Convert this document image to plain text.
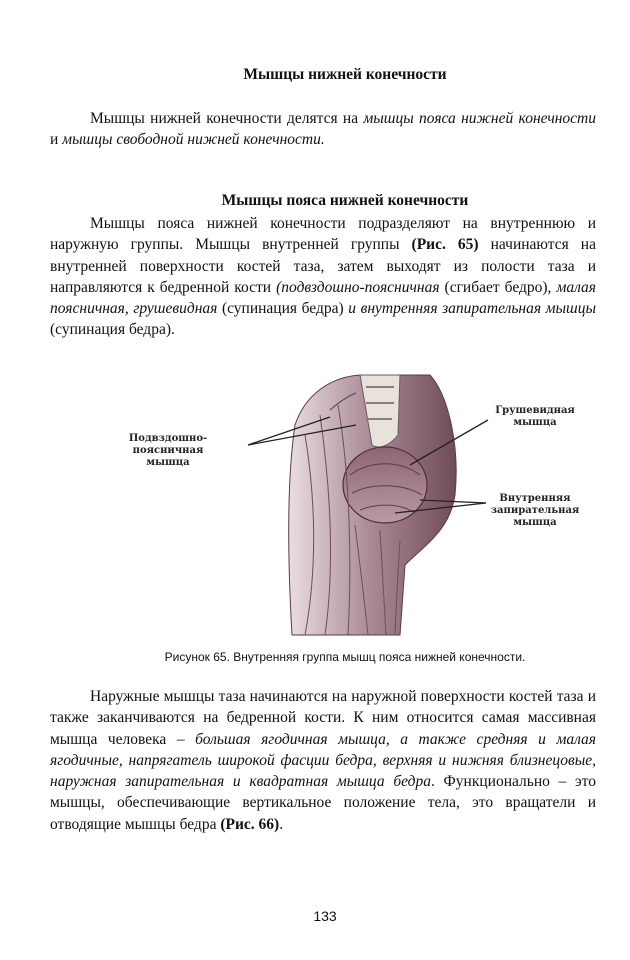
Мышцы нижней конечности
Мышцы нижней конечности делятся на мышцы пояса нижней конечности и мышцы свободной нижней конечности.
Мышцы пояса нижней конечности
Мышцы пояса нижней конечности подразделяют на внутреннюю и наружную группы. Мышцы внутренней группы (Рис. 65) начинаются на внутренней поверхности костей таза, затем выходят из полости таза и направляются к бедренной кости (подвздошно-поясничная (сгибает бедро), малая поясничная, грушевидная (супинация бедра) и внутренняя запирательная мышцы (супинация бедра).
Подвздошно-поясничная
мышца
Грушевидная
мышца
Внутренняя
запирательная
мышца
Рисунок 65. Внутренняя группа мышц пояса нижней конечности.
Наружные мышцы таза начинаются на наружной поверхности костей таза и также заканчиваются на бедренной кости. К ним относится самая массивная мышца человека – большая ягодичная мышца, а также средняя и малая ягодичные, напрягатель широкой фасции бедра, верхняя и нижняя близнецовые, наружная запирательная и квадратная мышца бедра. Функционально – это мышцы, обеспечивающие вертикальное положение тела, это вращатели и отводящие мышцы бедра (Рис. 66).
133
